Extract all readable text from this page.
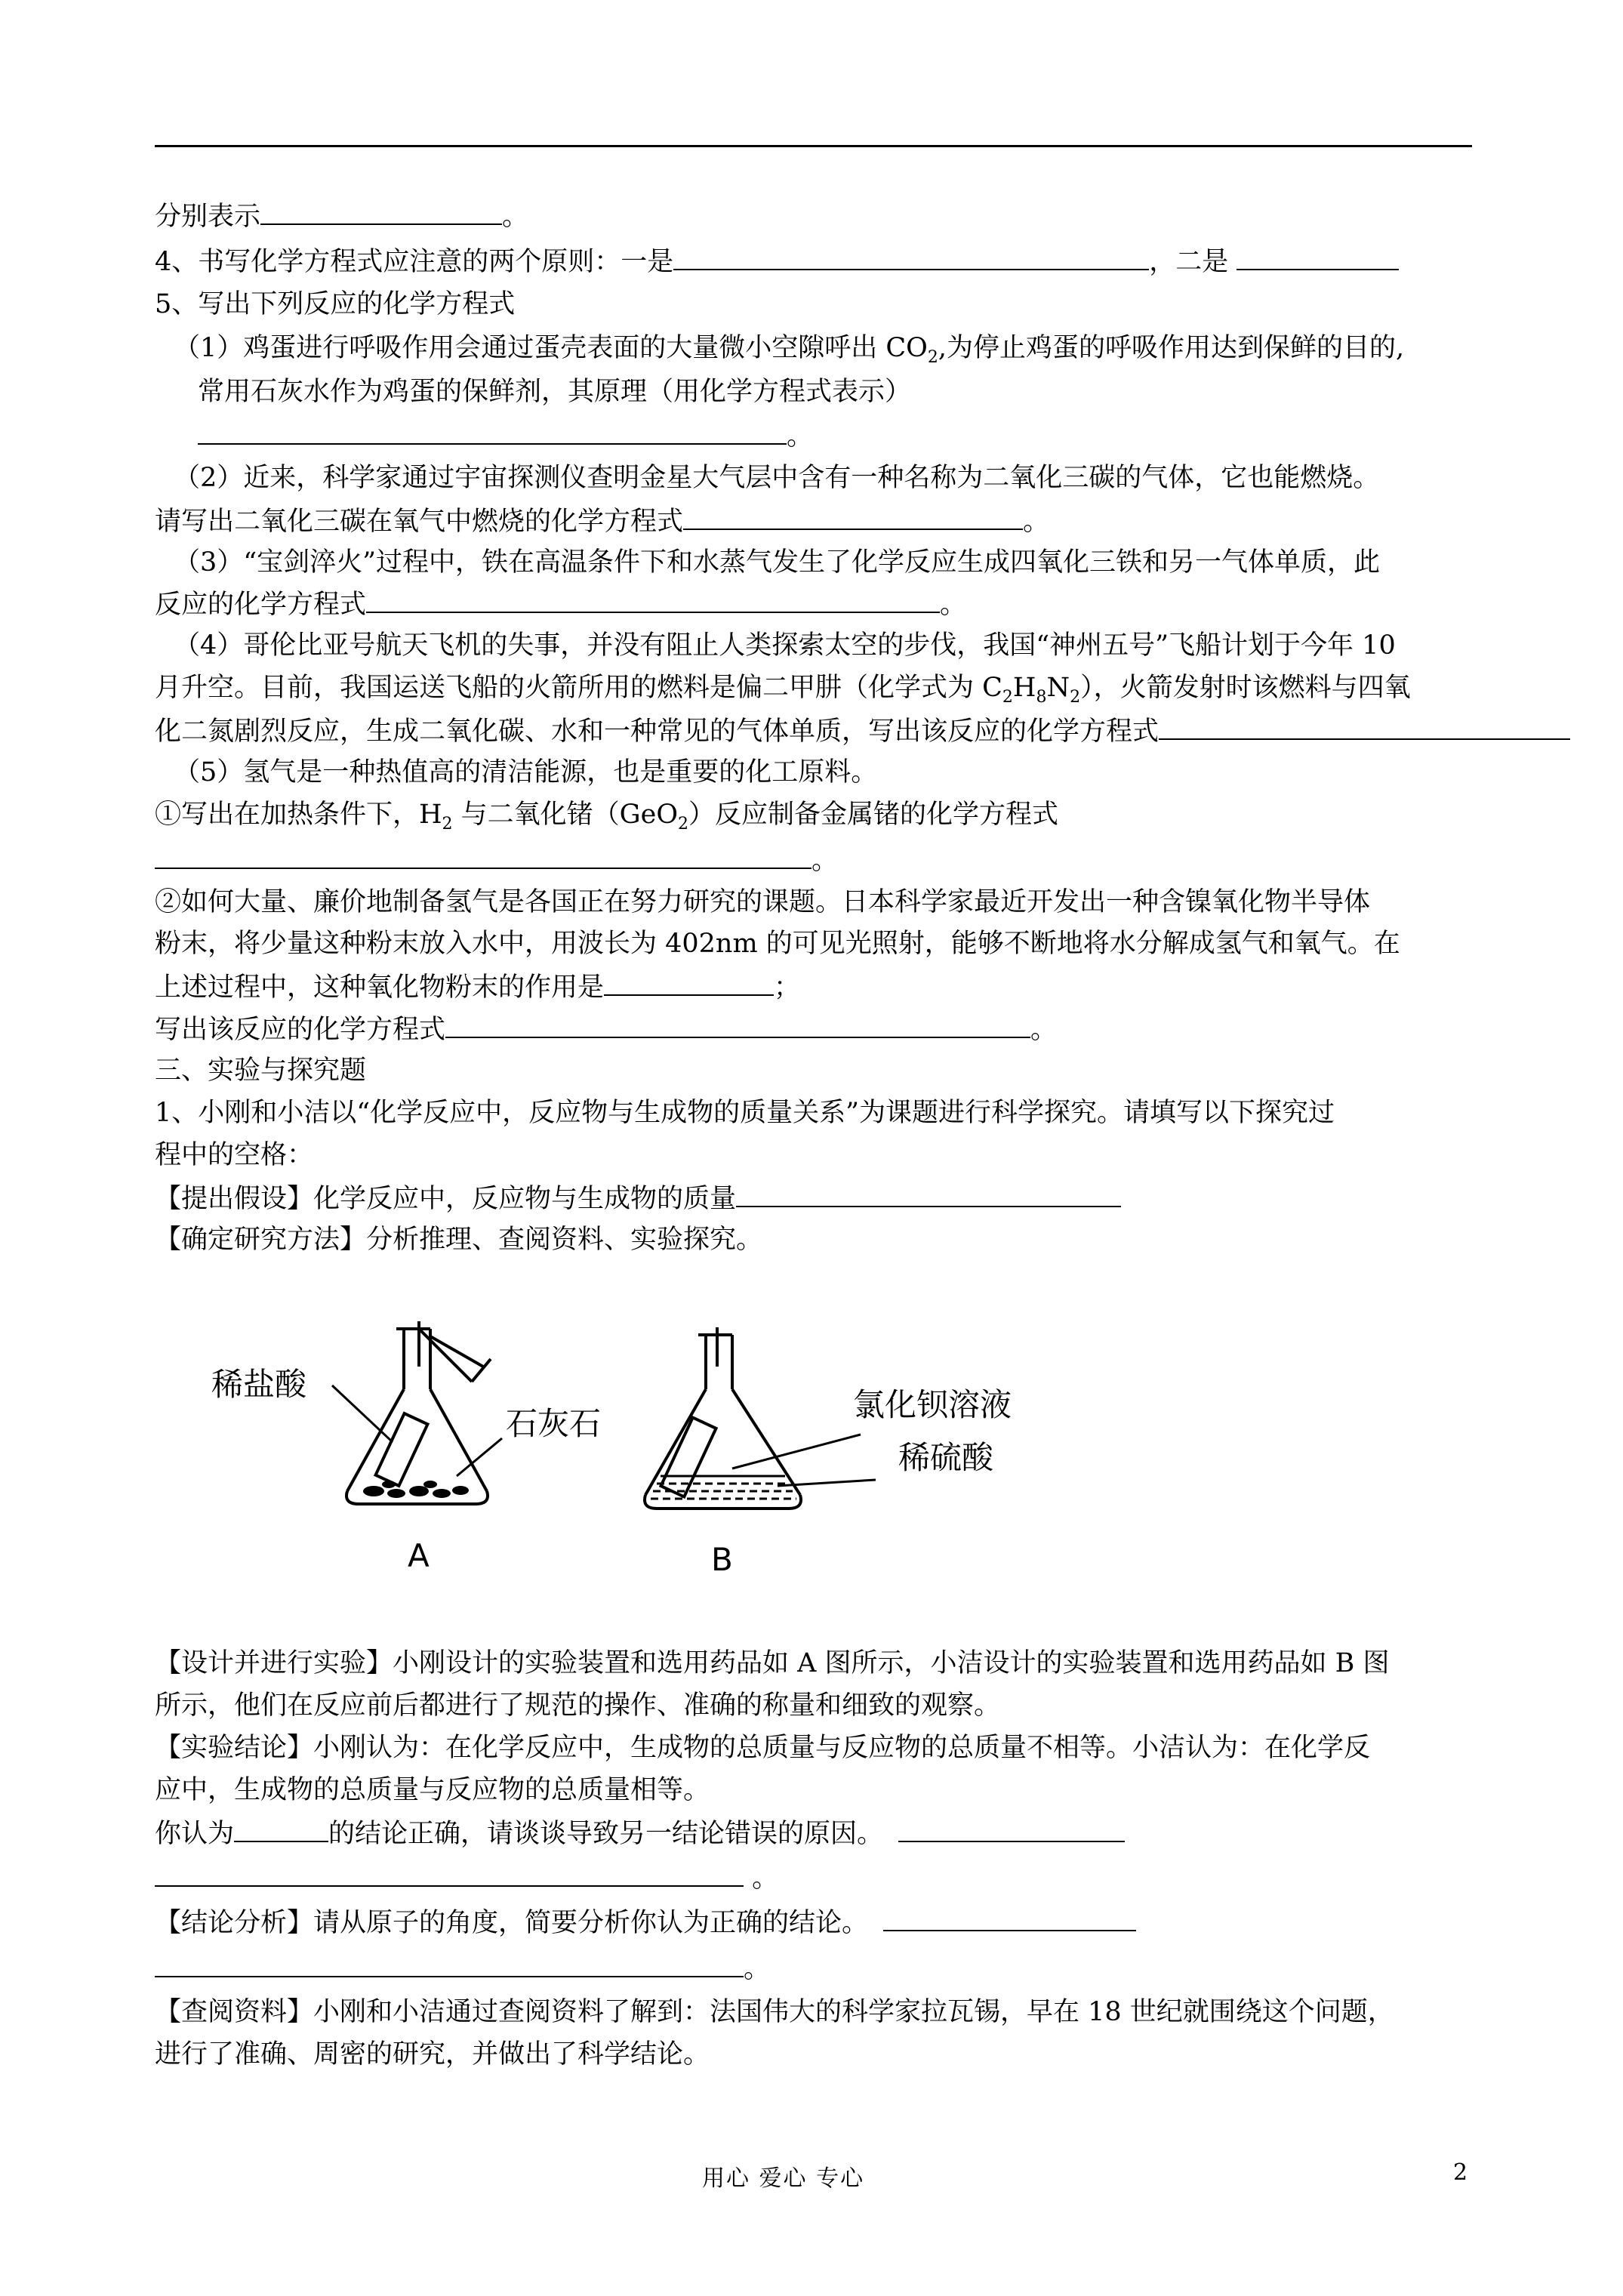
分别表示	。
4、书写化学方程式应注意的两个原则：一是	，二是
5、写出下列反应的化学方程式
（1）鸡蛋进行呼吸作用会通过蛋壳表面的大量微小空隙呼出 $CO_2$,为停止鸡蛋的呼吸作用达到保鲜的目的,
常用石灰水作为鸡蛋的保鲜剂，其原理（用化学方程式表示）
。
（2）近来，科学家通过宇宙探测仪查明金星大气层中含有一种名称为二氧化三碳的气体，它也能燃烧。
请写出二氧化三碳在氧气中燃烧的化学方程式	。
（3）“宝剑淬火”过程中，铁在高温条件下和水蒸气发生了化学反应生成四氧化三铁和另一气体单质，此
反应的化学方程式	。
（4）哥伦比亚号航天飞机的失事，并没有阻止人类探索太空的步伐，我国“神州五号”飞船计划于今年 10
月升空。目前，我国运送飞船的火箭所用的燃料是偏二甲肼（化学式为 $C_2H_8N_2$），火箭发射时该燃料与四氧
化二氮剧烈反应，生成二氧化碳、水和一种常见的气体单质，写出该反应的化学方程式
（5）氢气是一种热值高的清洁能源，也是重要的化工原料。
①写出在加热条件下，$H_2$ 与二氧化锗（GeO$_2$）反应制备金属锗的化学方程式
。
②如何大量、廉价地制备氢气是各国正在努力研究的课题。日本科学家最近开发出一种含镍氧化物半导体
粉末，将少量这种粉末放入水中，用波长为 402nm 的可见光照射，能够不断地将水分解成氢气和氧气。在
上述过程中，这种氧化物粉末的作用是	；
写出该反应的化学方程式	。
三、实验与探究题
1、小刚和小洁以“化学反应中，反应物与生成物的质量关系”为课题进行科学探究。请填写以下探究过
程中的空格：
【提出假设】化学反应中，反应物与生成物的质量
【确定研究方法】分析推理、查阅资料、实验探究。
稀盐酸
石灰石
A
氯化钡溶液
稀硫酸
B
【设计并进行实验】小刚设计的实验装置和选用药品如 A 图所示，小洁设计的实验装置和选用药品如 B 图
所示，他们在反应前后都进行了规范的操作、准确的称量和细致的观察。
【实验结论】小刚认为：在化学反应中，生成物的总质量与反应物的总质量不相等。小洁认为：在化学反
应中，生成物的总质量与反应物的总质量相等。
你认为	的结论正确，请谈谈导致另一结论错误的原因。
。
【结论分析】请从原子的角度，简要分析你认为正确的结论。
。
【查阅资料】小刚和小洁通过查阅资料了解到：法国伟大的科学家拉瓦锡，早在 18 世纪就围绕这个问题，
进行了准确、周密的研究，并做出了科学结论。
用心 爱心 专心	2
